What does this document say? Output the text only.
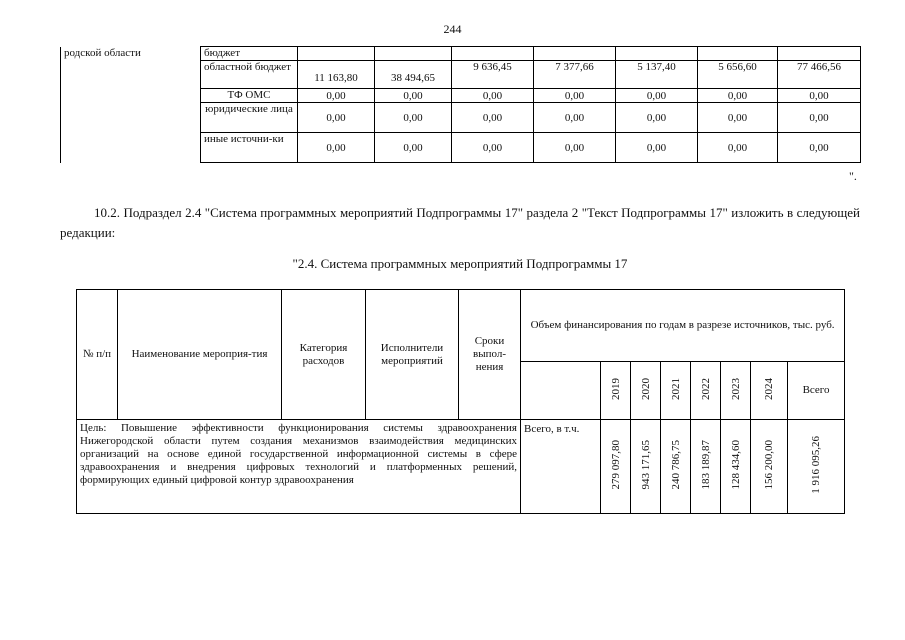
244
родской области	бюджет							
	областной бюджет	11 163,80	38 494,65	9 636,45	7 377,66	5 137,40	5 656,60	77 466,56
	ТФ ОМС	0,00	0,00	0,00	0,00	0,00	0,00	0,00
	юридические лица	0,00	0,00	0,00	0,00	0,00	0,00	0,00
	иные источни-ки	0,00	0,00	0,00	0,00	0,00	0,00	0,00
".
10.2. Подраздел 2.4 "Система программных мероприятий Подпрограммы 17" раздела 2 "Текст Подпрограммы 17" изложить в следующей редакции:
"2.4. Система программных мероприятий Подпрограммы 17
№ п/п	Наименование мероприя-тия	Категория расходов	Исполнители мероприятий	Сроки выпол-нения	Объем финансирования по годам в разрезе источников, тыс. руб.							
						2019	2020	2021	2022	2023	2024	Всего
Цель: Повышение эффективности функционирования системы здравоохранения Нижегородской области путем создания механизмов взаимодействия медицинских организаций на основе единой государственной информационной системы в сфере здравоохранения и внедрения цифровых технологий и платформенных решений, формирующих единый цифровой контур здравоохранения					Всего, в т.ч.	279 097,80	943 171,65	240 786,75	183 189,87	128 434,60	156 200,00	1 916 095,26
